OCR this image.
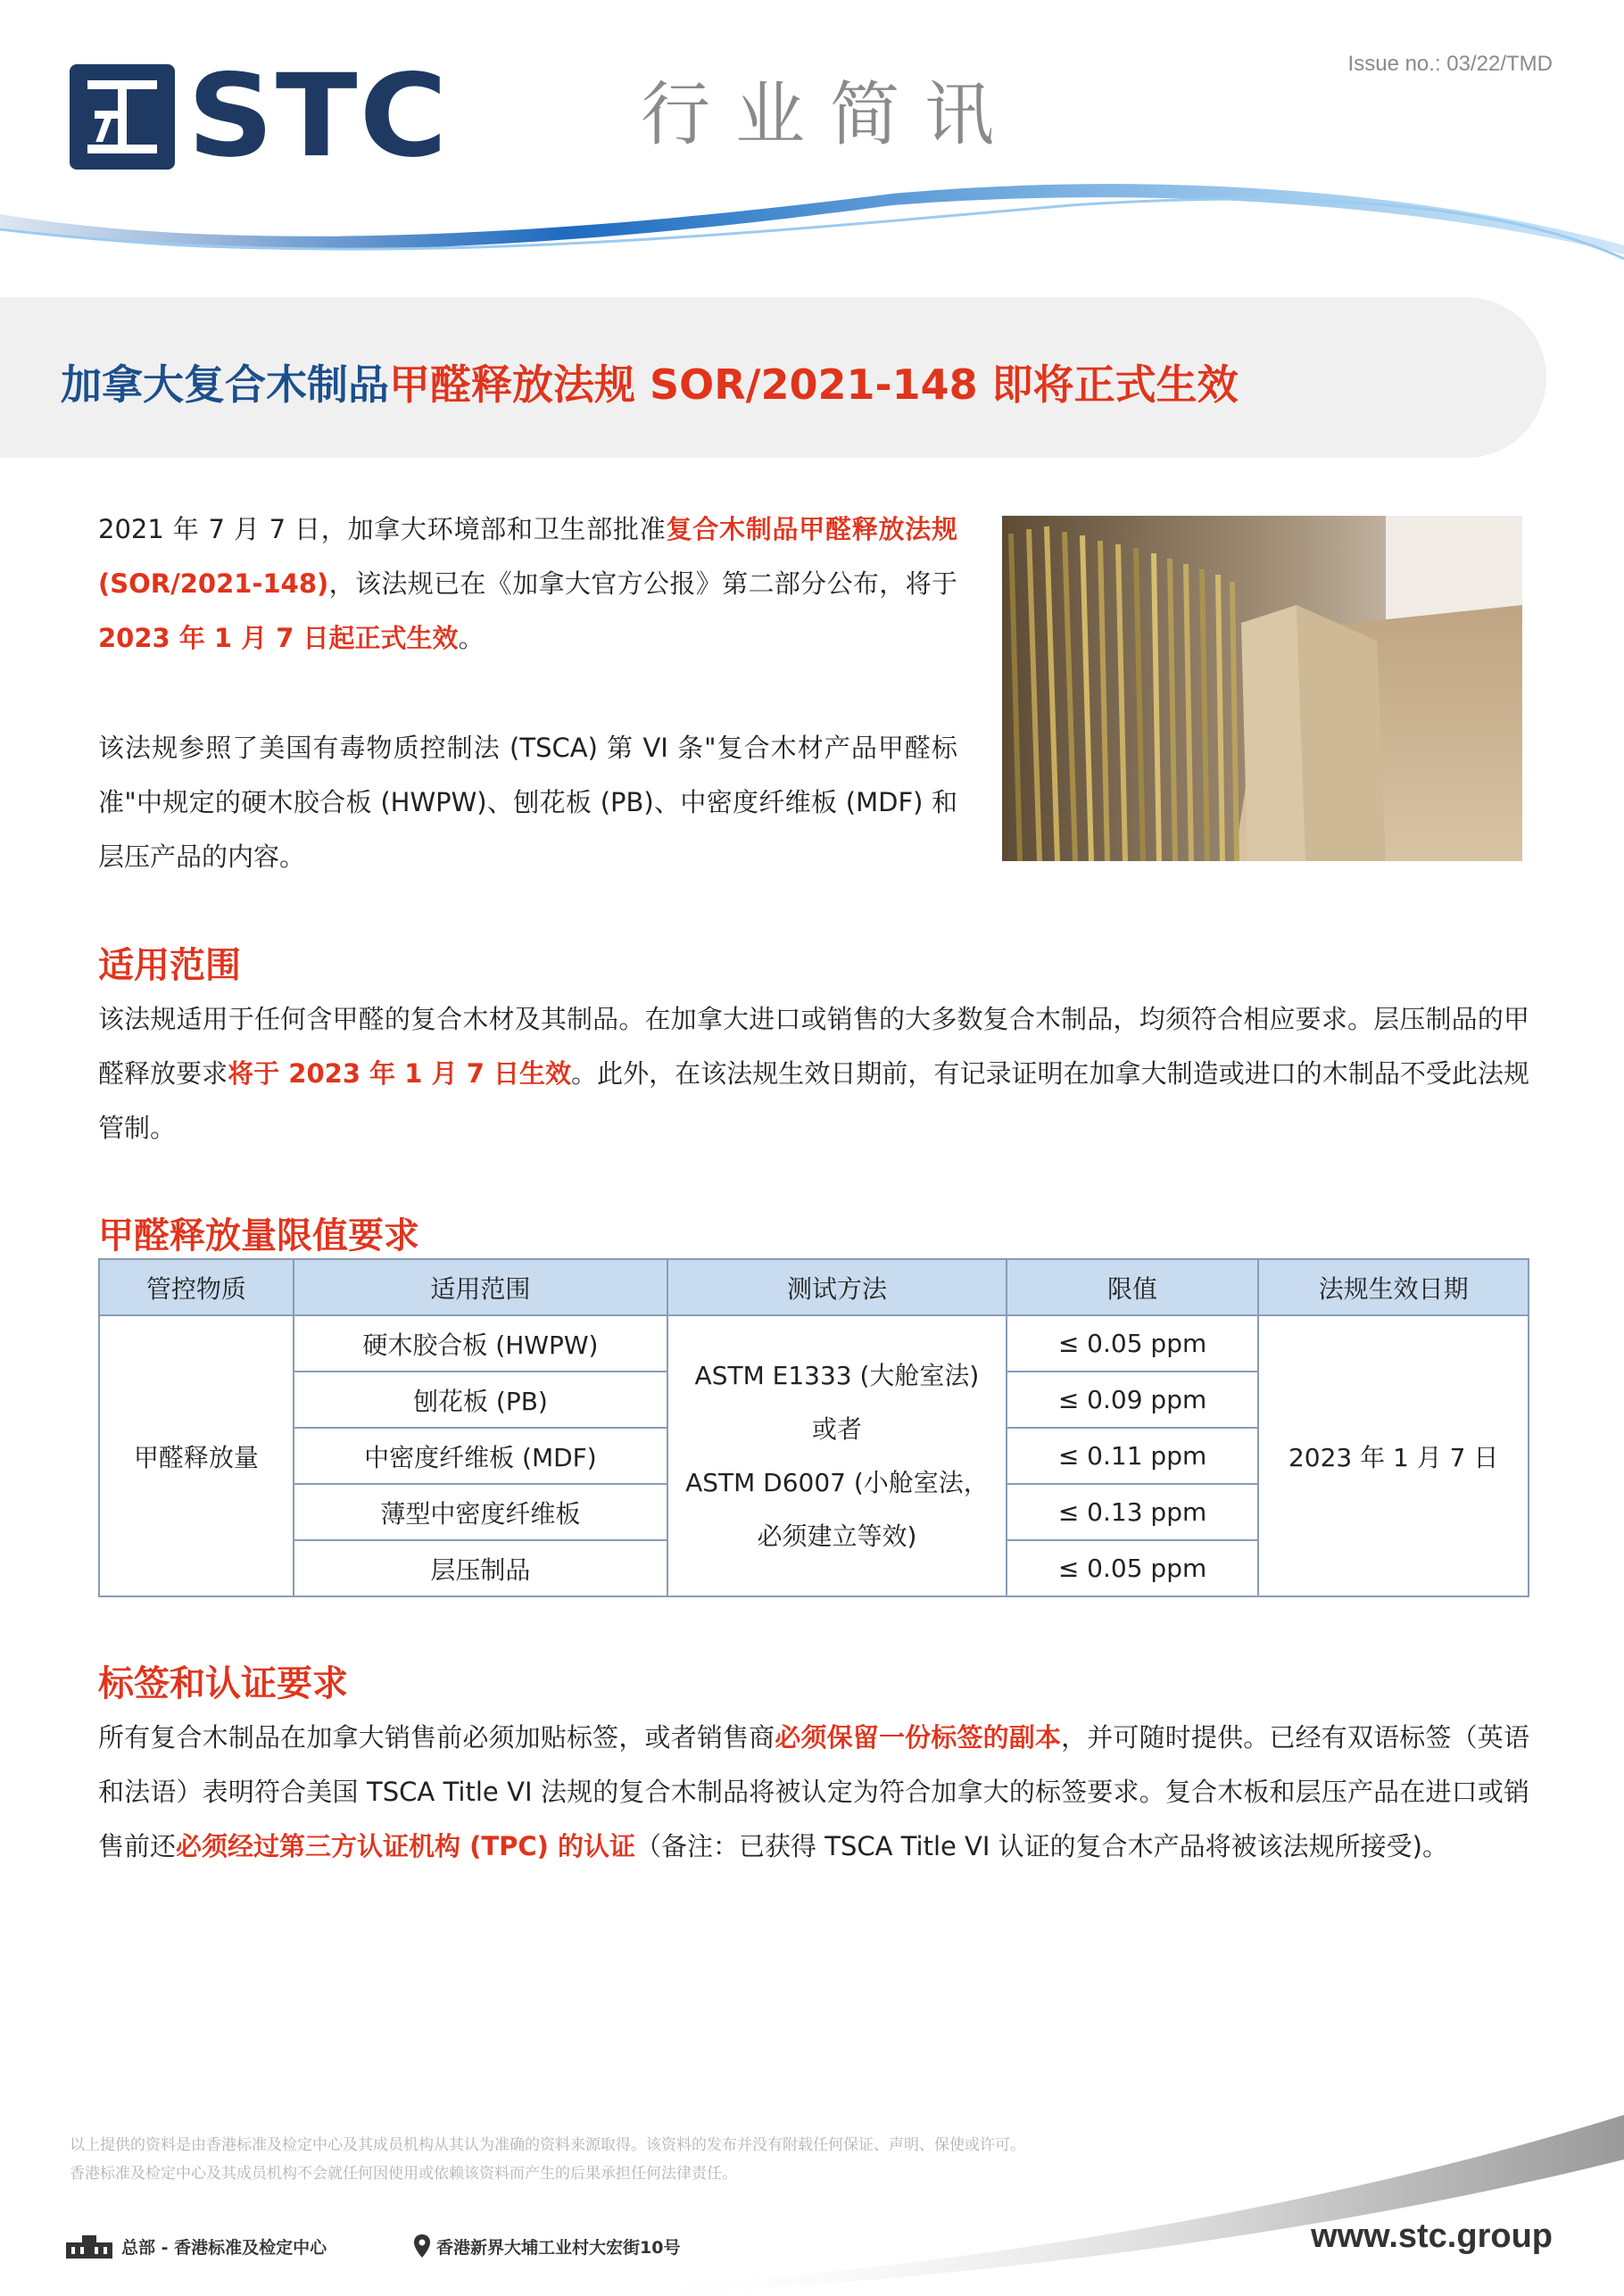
STC	行业简讯
Issue no.: 03/22/TMD
加拿大复合木制品甲醛释放法规 SOR/2021-148 即将正式生效
2021 年 7 月 7 日，加拿大环境部和卫生部批准复合木制品甲醛释放法规 (SOR/2021-148)，该法规已在《加拿大官方公报》第二部分公布，将于 2023 年 1 月 7 日起正式生效。
该法规参照了美国有毒物质控制法 (TSCA) 第 VI 条"复合木材产品甲醛标准"中规定的硬木胶合板 (HWPW)、刨花板 (PB)、中密度纤维板 (MDF) 和层压产品的内容。
适用范围
该法规适用于任何含甲醛的复合木材及其制品。在加拿大进口或销售的大多数复合木制品，均须符合相应要求。层压制品的甲醛释放要求将于 2023 年 1 月 7 日生效。此外，在该法规生效日期前，有记录证明在加拿大制造或进口的木制品不受此法规管制。
甲醛释放量限值要求
管控物质	适用范围	测试方法	限值	法规生效日期
甲醛释放量	硬木胶合板 (HWPW)	ASTM E1333 (大舱室法)
或者
ASTM D6007 (小舱室法，
必须建立等效)	≤ 0.05 ppm	2023 年 1 月 7 日
	刨花板 (PB)		≤ 0.09 ppm	
	中密度纤维板 (MDF)		≤ 0.11 ppm	
	薄型中密度纤维板		≤ 0.13 ppm	
	层压制品		≤ 0.05 ppm	
标签和认证要求
所有复合木制品在加拿大销售前必须加贴标签，或者销售商必须保留一份标签的副本，并可随时提供。已经有双语标签（英语和法语）表明符合美国 TSCA Title VI 法规的复合木制品将被认定为符合加拿大的标签要求。复合木板和层压产品在进口或销售前还必须经过第三方认证机构 (TPC) 的认证（备注：已获得 TSCA Title VI 认证的复合木产品将被该法规所接受)。
以上提供的资料是由香港标准及检定中心及其成员机构从其认为准确的资料来源取得。该资料的发布并没有附载任何保证、声明、保使或许可。
香港标准及检定中心及其成员机构不会就任何因使用或依赖该资料而产生的后果承担任何法律责任。
总部 - 香港标准及检定中心	香港新界大埔工业村大宏街10号	www.stc.group
